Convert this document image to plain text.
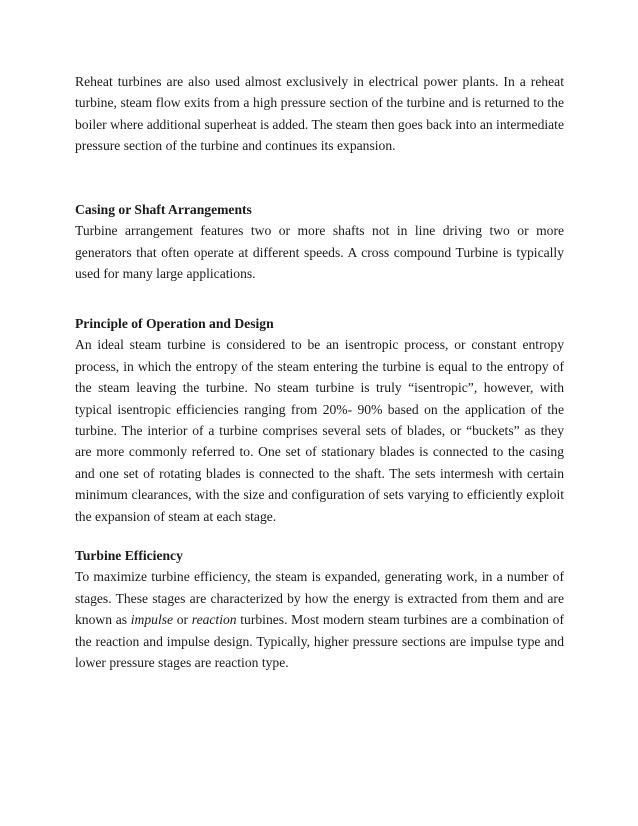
Reheat turbines are also used almost exclusively in electrical power plants. In a reheat turbine, steam flow exits from a high pressure section of the turbine and is returned to the boiler where additional superheat is added. The steam then goes back into an intermediate pressure section of the turbine and continues its expansion.

Casing or Shaft Arrangements

Turbine arrangement features two or more shafts not in line driving two or more generators that often operate at different speeds. A cross compound Turbine is typically used for many large applications.

Principle of Operation and Design

An ideal steam turbine is considered to be an isentropic process, or constant entropy process, in which the entropy of the steam entering the turbine is equal to the entropy of the steam leaving the turbine. No steam turbine is truly “isentropic”, however, with typical isentropic efficiencies ranging from 20%- 90% based on the application of the turbine. The interior of a turbine comprises several sets of blades, or “buckets” as they are more commonly referred to. One set of stationary blades is connected to the casing and one set of rotating blades is connected to the shaft. The sets intermesh with certain minimum clearances, with the size and configuration of sets varying to efficiently exploit the expansion of steam at each stage.

Turbine Efficiency

To maximize turbine efficiency, the steam is expanded, generating work, in a number of stages. These stages are characterized by how the energy is extracted from them and are known as impulse or reaction turbines. Most modern steam turbines are a combination of the reaction and impulse design. Typically, higher pressure sections are impulse type and lower pressure stages are reaction type.
